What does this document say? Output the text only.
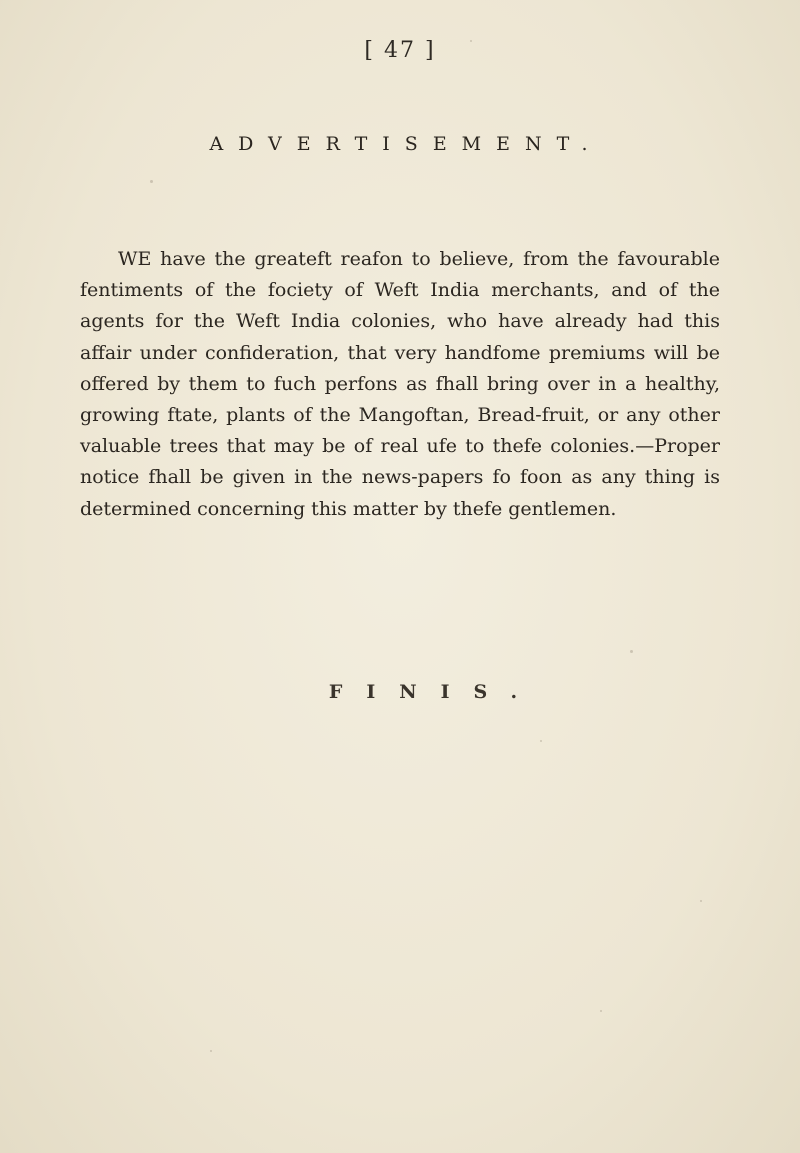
[ 47 ]
ADVERTISEMENT.
WE have the greateft reafon to believe, from the favourable fentiments of the fociety of Weft India merchants, and of the agents for the Weft India colonies, who have already had this affair under confideration, that very handfome premiums will be offered by them to fuch perfons as fhall bring over in a healthy, growing ftate, plants of the Mangoftan, Bread-fruit, or any other valuable trees that may be of real ufe to thefe colonies.—Proper notice fhall be given in the news-papers fo foon as any thing is determined concerning this matter by thefe gentlemen.
FINIS.
